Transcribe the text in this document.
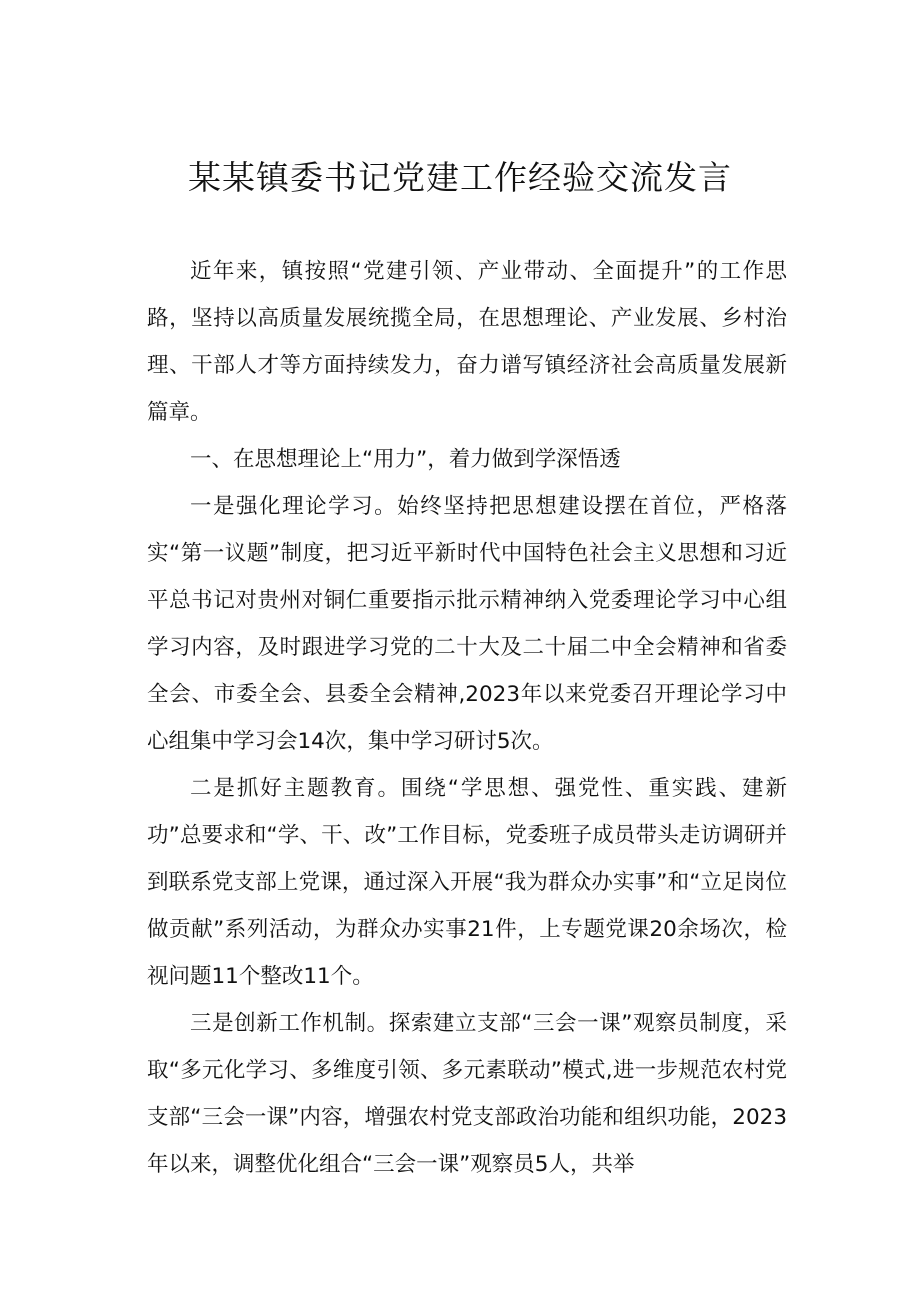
某某镇委书记党建工作经验交流发言

近年来，镇按照“党建引领、产业带动、全面提升”的工作思路，坚持以高质量发展统揽全局，在思想理论、产业发展、乡村治理、干部人才等方面持续发力，奋力谱写镇经济社会高质量发展新篇章。

一、在思想理论上“用力”，着力做到学深悟透

一是强化理论学习。始终坚持把思想建设摆在首位，严格落实“第一议题”制度，把习近平新时代中国特色社会主义思想和习近平总书记对贵州对铜仁重要指示批示精神纳入党委理论学习中心组学习内容，及时跟进学习党的二十大及二十届二中全会精神和省委全会、市委全会、县委全会精神,2023年以来党委召开理论学习中心组集中学习会14次，集中学习研讨5次。

二是抓好主题教育。围绕“学思想、强党性、重实践、建新功”总要求和“学、干、改”工作目标，党委班子成员带头走访调研并到联系党支部上党课，通过深入开展“我为群众办实事”和“立足岗位做贡献”系列活动，为群众办实事21件，上专题党课20余场次，检视问题11个整改11个。

三是创新工作机制。探索建立支部“三会一课”观察员制度，采取“多元化学习、多维度引领、多元素联动”模式,进一步规范农村党支部“三会一课”内容，增强农村党支部政治功能和组织功能，2023年以来，调整优化组合“三会一课”观察员5人，共举
